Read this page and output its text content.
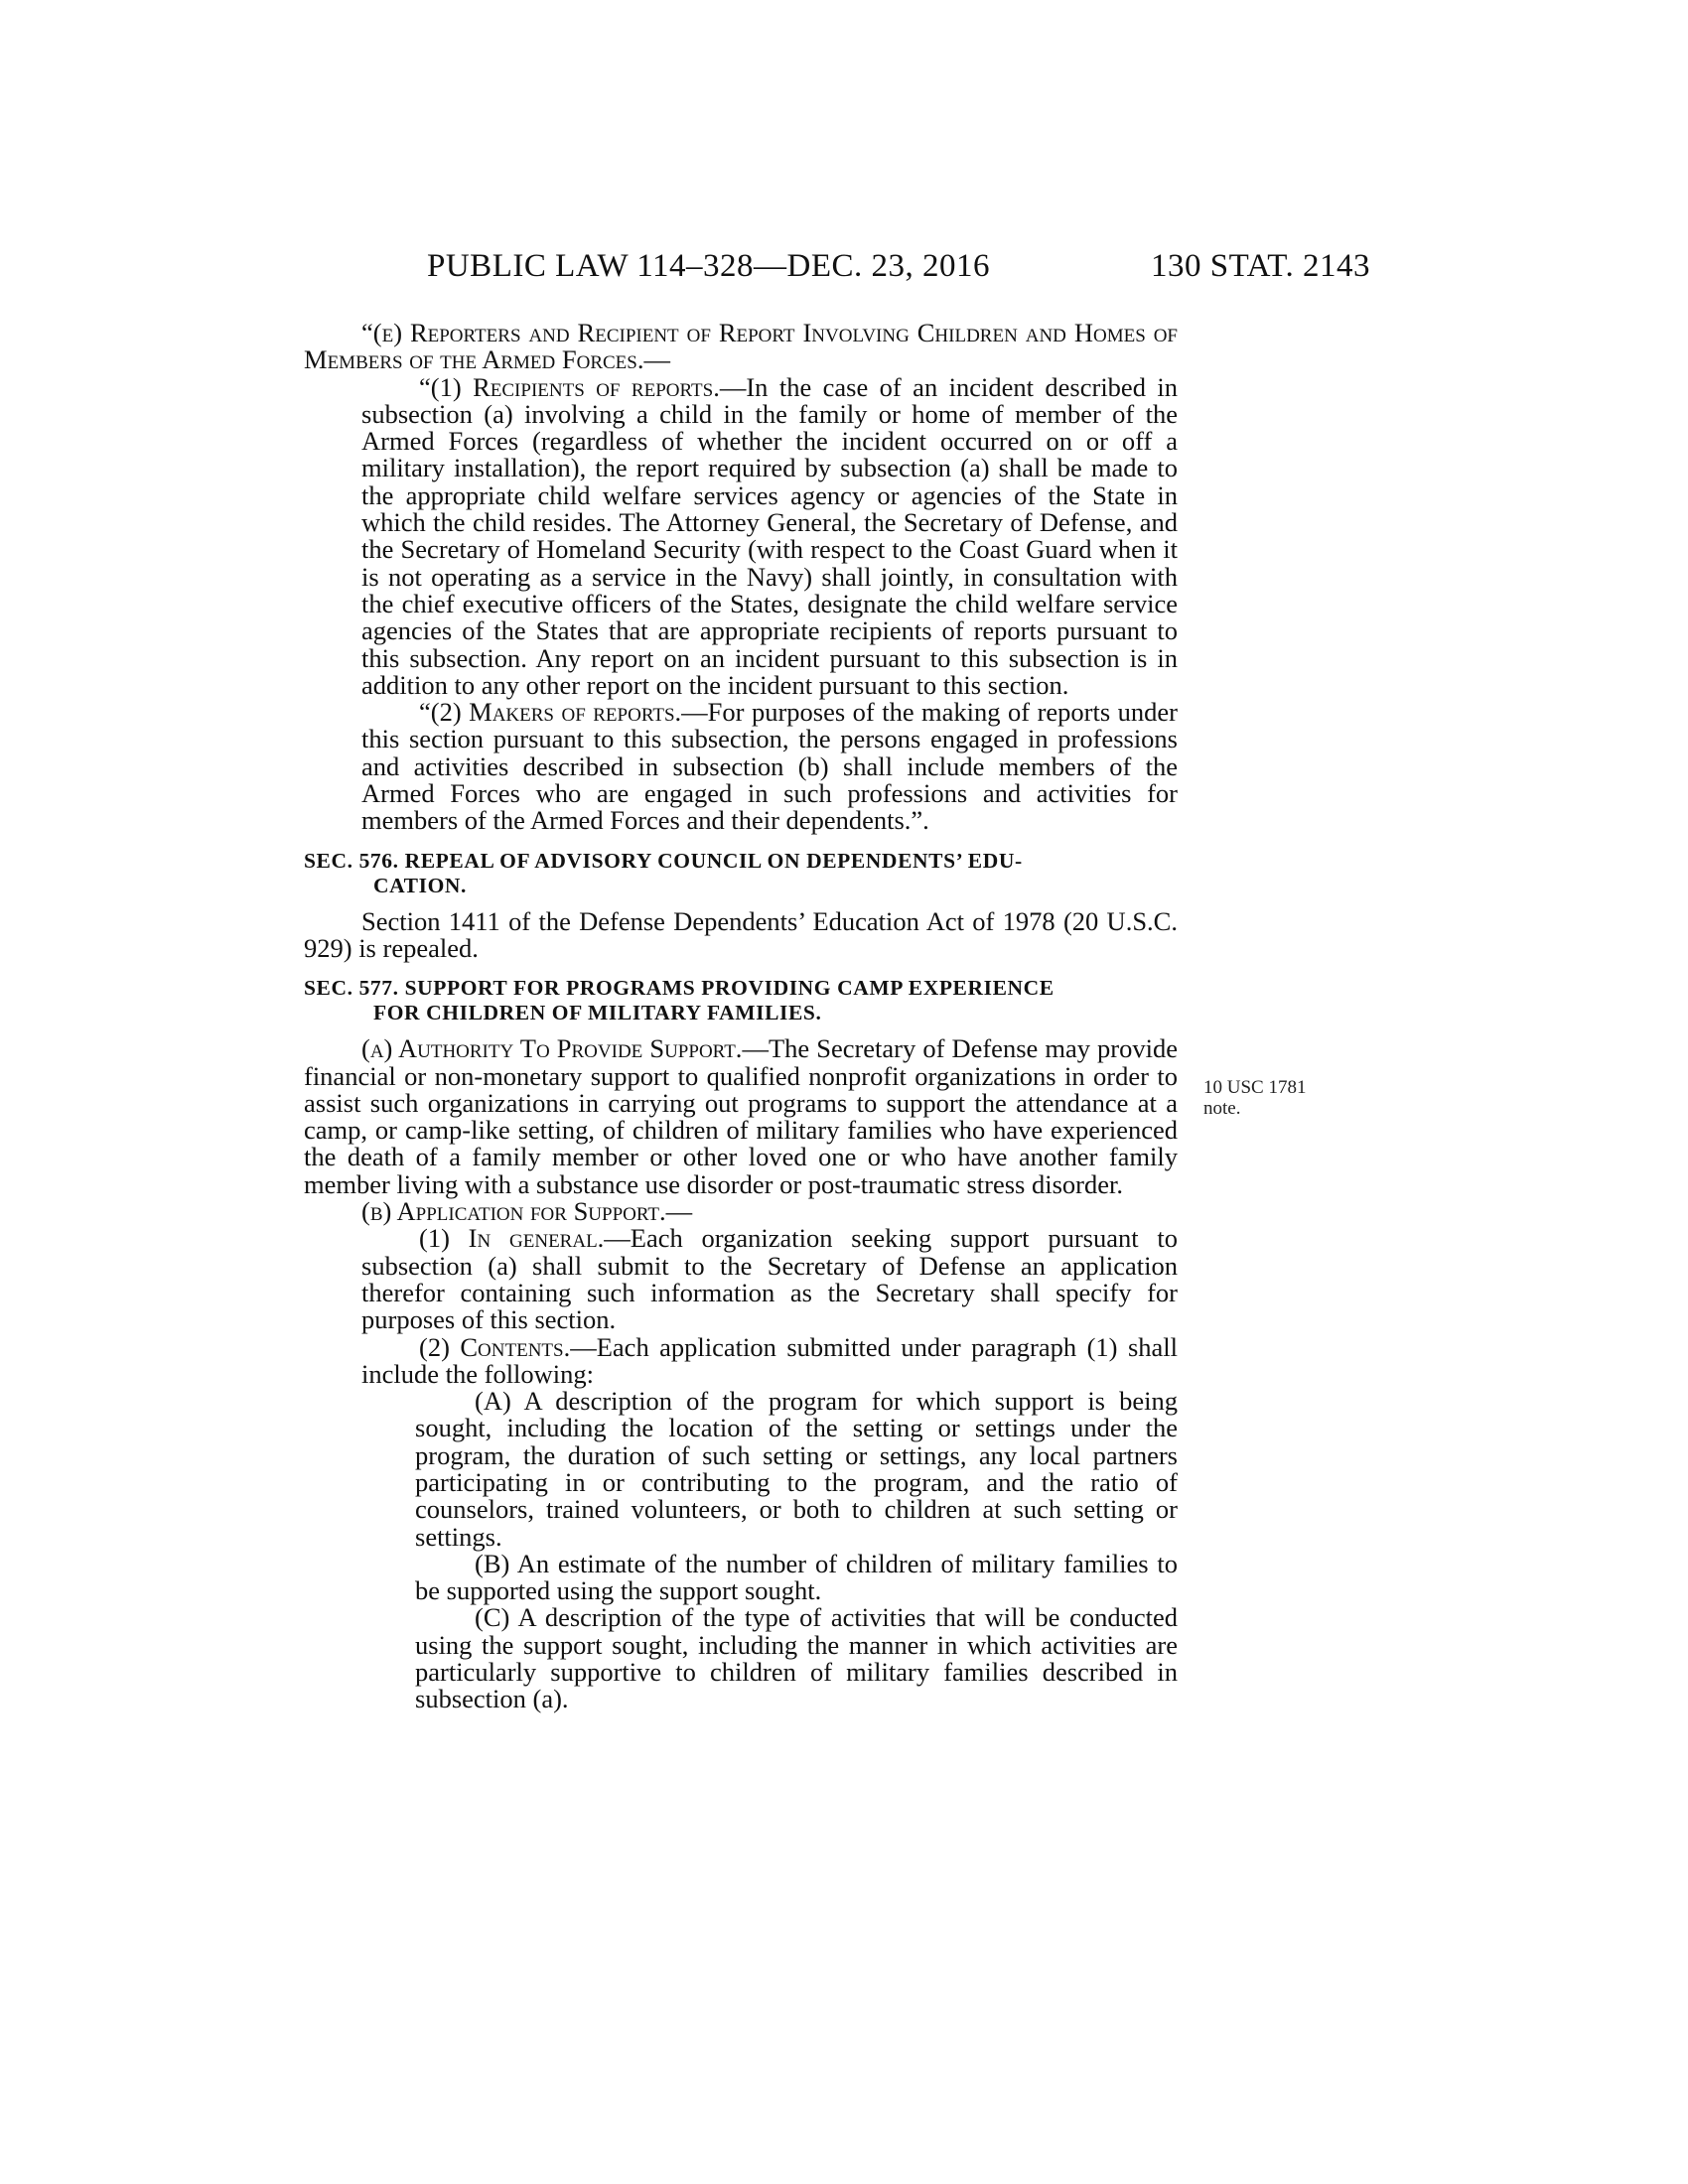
PUBLIC LAW 114–328—DEC. 23, 2016	130 STAT. 2143
10 USC 1781
note.

“(e) Reporters and Recipient of Report Involving Children and Homes of Members of the Armed Forces.—

“(1) Recipients of reports.—In the case of an incident described in subsection (a) involving a child in the family or home of member of the Armed Forces (regardless of whether the incident occurred on or off a military installation), the report required by subsection (a) shall be made to the appropriate child welfare services agency or agencies of the State in which the child resides. The Attorney General, the Secretary of Defense, and the Secretary of Homeland Security (with respect to the Coast Guard when it is not operating as a service in the Navy) shall jointly, in consultation with the chief executive officers of the States, designate the child welfare service agencies of the States that are appropriate recipients of reports pursuant to this subsection. Any report on an incident pursuant to this subsection is in addition to any other report on the incident pursuant to this section.

“(2) Makers of reports.—For purposes of the making of reports under this section pursuant to this subsection, the persons engaged in professions and activities described in subsection (b) shall include members of the Armed Forces who are engaged in such professions and activities for members of the Armed Forces and their dependents.”.

SEC. 576. REPEAL OF ADVISORY COUNCIL ON DEPENDENTS’ EDU-
CATION.

Section 1411 of the Defense Dependents’ Education Act of 1978 (20 U.S.C. 929) is repealed.

SEC. 577. SUPPORT FOR PROGRAMS PROVIDING CAMP EXPERIENCE
FOR CHILDREN OF MILITARY FAMILIES.

(a) Authority To Provide Support.—The Secretary of Defense may provide financial or non-monetary support to qualified nonprofit organizations in order to assist such organizations in carrying out programs to support the attendance at a camp, or camp-like setting, of children of military families who have experienced the death of a family member or other loved one or who have another family member living with a substance use disorder or post-traumatic stress disorder.

(b) Application for Support.—

(1) In general.—Each organization seeking support pursuant to subsection (a) shall submit to the Secretary of Defense an application therefor containing such information as the Secretary shall specify for purposes of this section.

(2) Contents.—Each application submitted under paragraph (1) shall include the following:

(A) A description of the program for which support is being sought, including the location of the setting or settings under the program, the duration of such setting or settings, any local partners participating in or contributing to the program, and the ratio of counselors, trained volunteers, or both to children at such setting or settings.

(B) An estimate of the number of children of military families to be supported using the support sought.

(C) A description of the type of activities that will be conducted using the support sought, including the manner in which activities are particularly supportive to children of military families described in subsection (a).
